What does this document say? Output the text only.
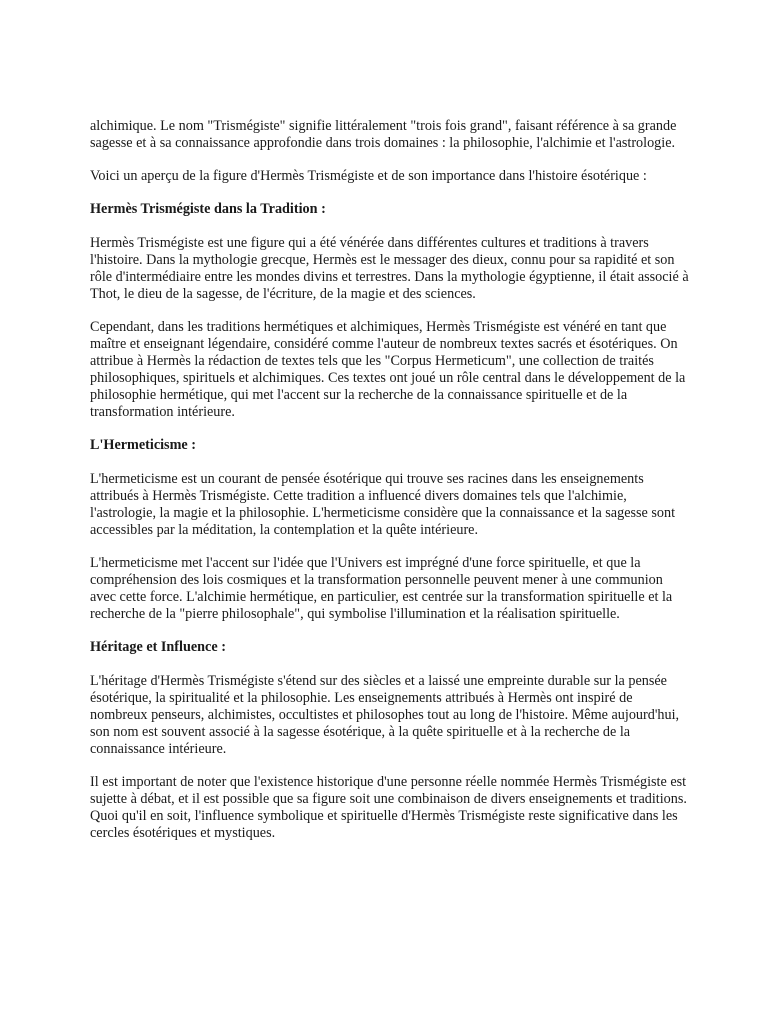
alchimique. Le nom "Trismégiste" signifie littéralement "trois fois grand", faisant référence à sa grande sagesse et à sa connaissance approfondie dans trois domaines : la philosophie, l'alchimie et l'astrologie.

Voici un aperçu de la figure d'Hermès Trismégiste et de son importance dans l'histoire ésotérique :

Hermès Trismégiste dans la Tradition :

Hermès Trismégiste est une figure qui a été vénérée dans différentes cultures et traditions à travers l'histoire. Dans la mythologie grecque, Hermès est le messager des dieux, connu pour sa rapidité et son rôle d'intermédiaire entre les mondes divins et terrestres. Dans la mythologie égyptienne, il était associé à Thot, le dieu de la sagesse, de l'écriture, de la magie et des sciences.

Cependant, dans les traditions hermétiques et alchimiques, Hermès Trismégiste est vénéré en tant que maître et enseignant légendaire, considéré comme l'auteur de nombreux textes sacrés et ésotériques. On attribue à Hermès la rédaction de textes tels que les "Corpus Hermeticum", une collection de traités philosophiques, spirituels et alchimiques. Ces textes ont joué un rôle central dans le développement de la philosophie hermétique, qui met l'accent sur la recherche de la connaissance spirituelle et de la transformation intérieure.

L'Hermeticisme :

L'hermeticisme est un courant de pensée ésotérique qui trouve ses racines dans les enseignements attribués à Hermès Trismégiste. Cette tradition a influencé divers domaines tels que l'alchimie, l'astrologie, la magie et la philosophie. L'hermeticisme considère que la connaissance et la sagesse sont accessibles par la méditation, la contemplation et la quête intérieure.

L'hermeticisme met l'accent sur l'idée que l'Univers est imprégné d'une force spirituelle, et que la compréhension des lois cosmiques et la transformation personnelle peuvent mener à une communion avec cette force. L'alchimie hermétique, en particulier, est centrée sur la transformation spirituelle et la recherche de la "pierre philosophale", qui symbolise l'illumination et la réalisation spirituelle.

Héritage et Influence :

L'héritage d'Hermès Trismégiste s'étend sur des siècles et a laissé une empreinte durable sur la pensée ésotérique, la spiritualité et la philosophie. Les enseignements attribués à Hermès ont inspiré de nombreux penseurs, alchimistes, occultistes et philosophes tout au long de l'histoire. Même aujourd'hui, son nom est souvent associé à la sagesse ésotérique, à la quête spirituelle et à la recherche de la connaissance intérieure.

Il est important de noter que l'existence historique d'une personne réelle nommée Hermès Trismégiste est sujette à débat, et il est possible que sa figure soit une combinaison de divers enseignements et traditions. Quoi qu'il en soit, l'influence symbolique et spirituelle d'Hermès Trismégiste reste significative dans les cercles ésotériques et mystiques.
